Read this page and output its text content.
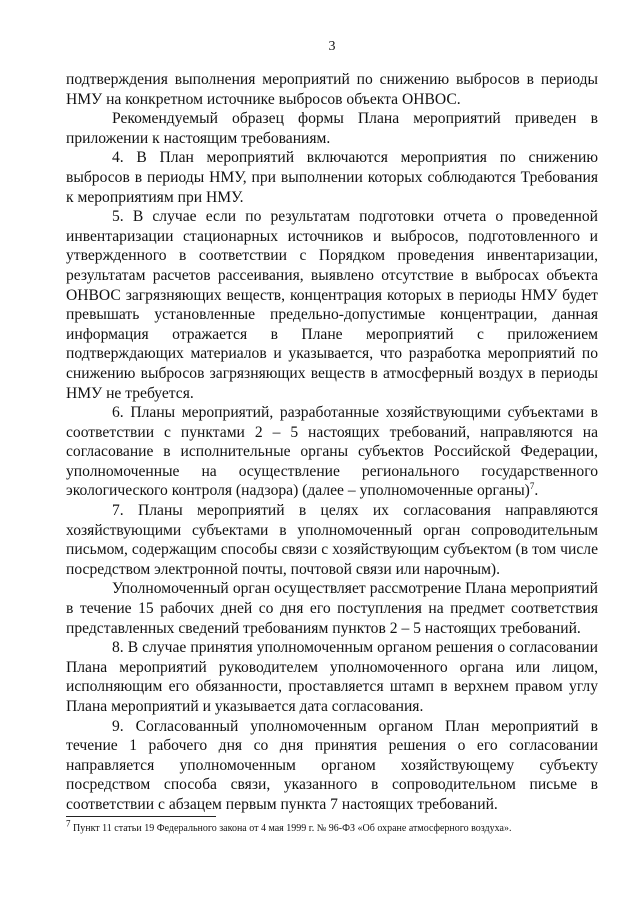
3

подтверждения выполнения мероприятий по снижению выбросов в периоды НМУ на конкретном источнике выбросов объекта ОНВОС.

Рекомендуемый образец формы Плана мероприятий приведен в приложении к настоящим требованиям.

4. В План мероприятий включаются мероприятия по снижению выбросов в периоды НМУ, при выполнении которых соблюдаются Требования к мероприятиям при НМУ.

5. В случае если по результатам подготовки отчета о проведенной инвентаризации стационарных источников и выбросов, подготовленного и утвержденного в соответствии с Порядком проведения инвентаризации, результатам расчетов рассеивания, выявлено отсутствие в выбросах объекта ОНВОС загрязняющих веществ, концентрация которых в периоды НМУ будет превышать установленные предельно-допустимые концентрации, данная информация отражается в Плане мероприятий с приложением подтверждающих материалов и указывается, что разработка мероприятий по снижению выбросов загрязняющих веществ в атмосферный воздух в периоды НМУ не требуется.

6. Планы мероприятий, разработанные хозяйствующими субъектами в соответствии с пунктами 2 – 5 настоящих требований, направляются на согласование в исполнительные органы субъектов Российской Федерации, уполномоченные на осуществление регионального государственного экологического контроля (надзора) (далее – уполномоченные органы)$^7$.

7. Планы мероприятий в целях их согласования направляются хозяйствующими субъектами в уполномоченный орган сопроводительным письмом, содержащим способы связи с хозяйствующим субъектом (в том числе посредством электронной почты, почтовой связи или нарочным).

Уполномоченный орган осуществляет рассмотрение Плана мероприятий в течение 15 рабочих дней со дня его поступления на предмет соответствия представленных сведений требованиям пунктов 2 – 5 настоящих требований.

8. В случае принятия уполномоченным органом решения о согласовании Плана мероприятий руководителем уполномоченного органа или лицом, исполняющим его обязанности, проставляется штамп в верхнем правом углу Плана мероприятий и указывается дата согласования.

9. Согласованный уполномоченным органом План мероприятий в течение 1 рабочего дня со дня принятия решения о его согласовании направляется уполномоченным органом хозяйствующему субъекту посредством способа связи, указанного в сопроводительном письме в соответствии с абзацем первым пункта 7 настоящих требований.

$^7$ Пункт 11 статьи 19 Федерального закона от 4 мая 1999 г. № 96-ФЗ «Об охране атмосферного воздуха».
